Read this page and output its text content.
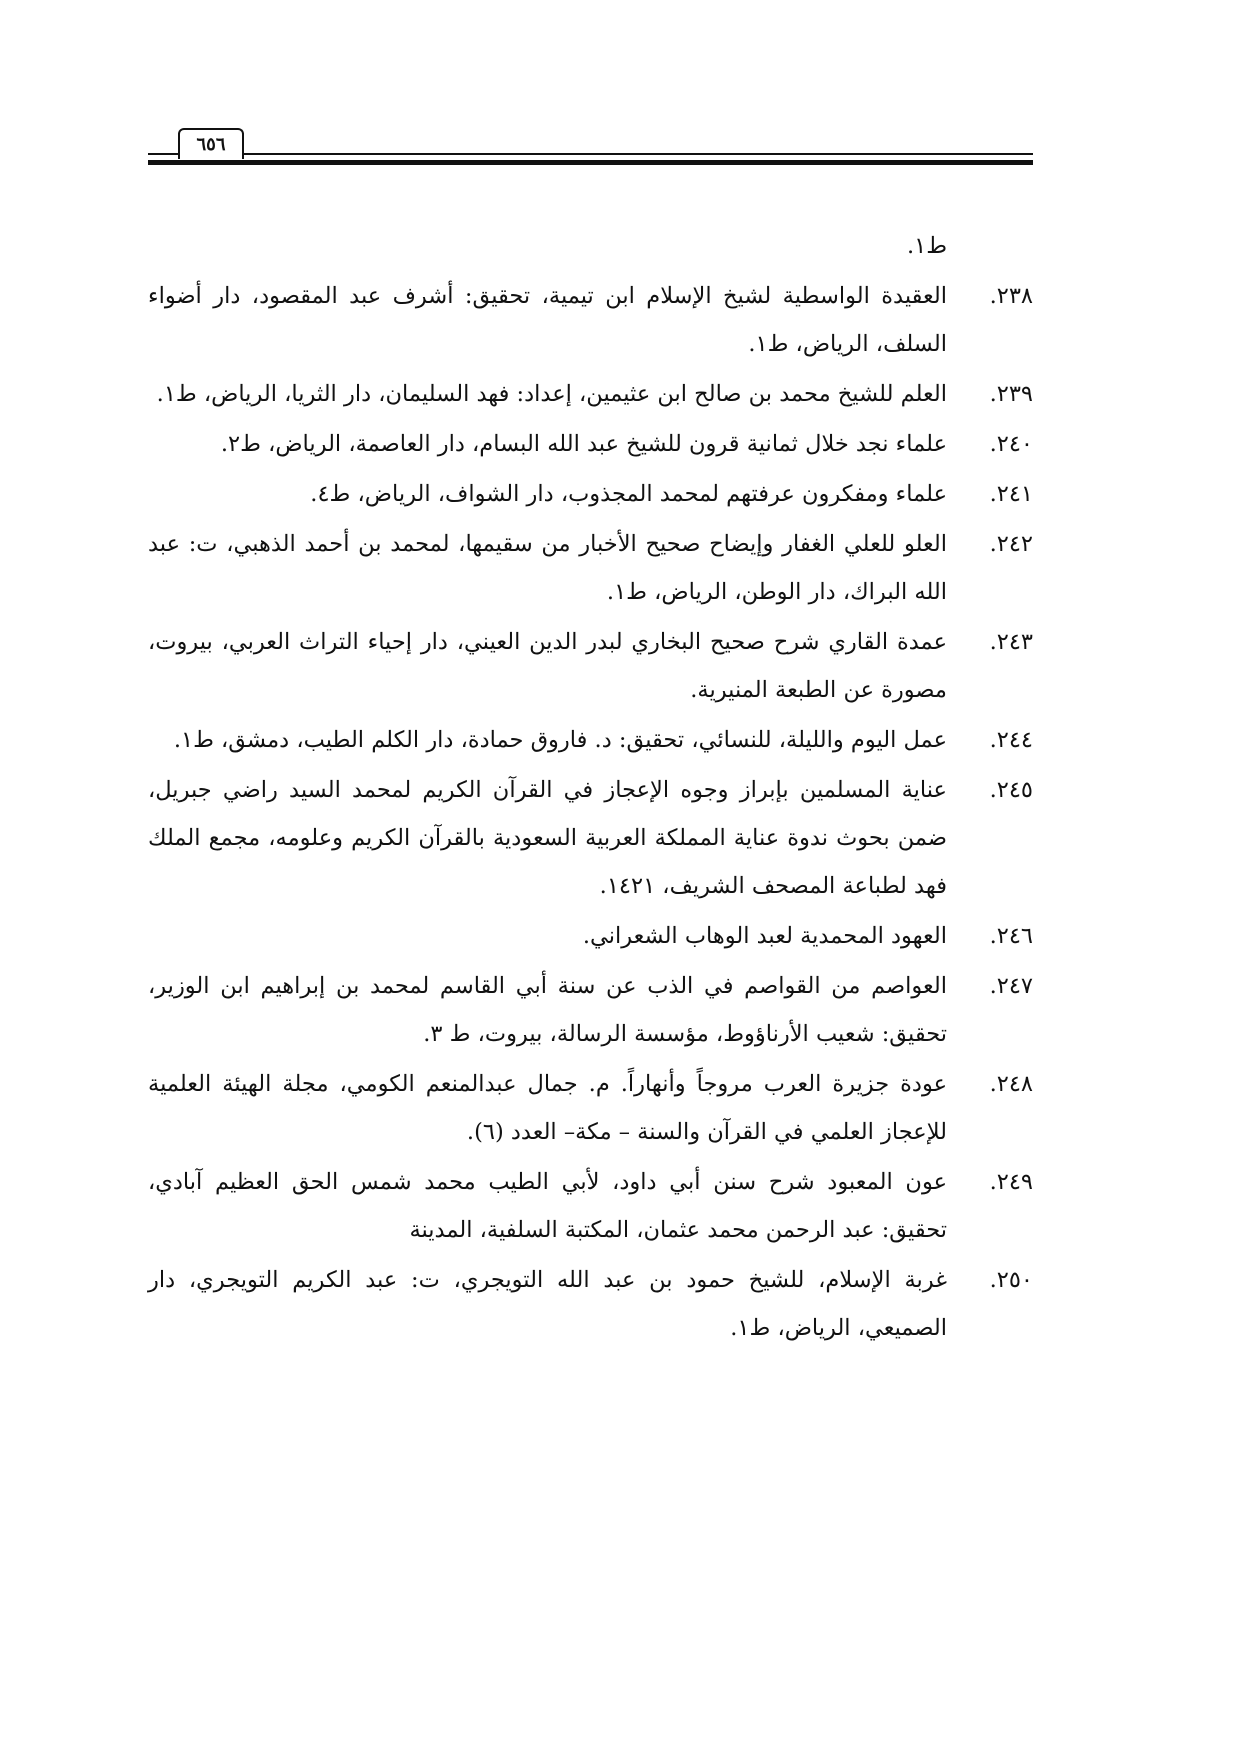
٦٥٦

ط١.

٢٣٨.
العقيدة الواسطية لشيخ الإسلام ابن تيمية، تحقيق: أشرف عبد المقصود، دار أضواء السلف، الرياض، ط١.
٢٣٩.
العلم للشيخ محمد بن صالح ابن عثيمين، إعداد: فهد السليمان، دار الثريا، الرياض، ط١.
٢٤٠.
علماء نجد خلال ثمانية قرون للشيخ عبد الله البسام، دار العاصمة، الرياض، ط٢.
٢٤١.
علماء ومفكرون عرفتهم لمحمد المجذوب، دار الشواف، الرياض، ط٤.
٢٤٢.
العلو للعلي الغفار وإيضاح صحيح الأخبار من سقيمها، لمحمد بن أحمد الذهبي، ت: عبد الله البراك، دار الوطن، الرياض، ط١.
٢٤٣.
عمدة القاري شرح صحيح البخاري لبدر الدين العيني، دار إحياء التراث العربي، بيروت، مصورة عن الطبعة المنيرية.
٢٤٤.
عمل اليوم والليلة، للنسائي، تحقيق: د. فاروق حمادة، دار الكلم الطيب، دمشق، ط١.
٢٤٥.
عناية المسلمين بإبراز وجوه الإعجاز في القرآن الكريم لمحمد السيد راضي جبريل، ضمن بحوث ندوة عناية المملكة العربية السعودية بالقرآن الكريم وعلومه، مجمع الملك فهد لطباعة المصحف الشريف، ١٤٢١.
٢٤٦.
العهود المحمدية لعبد الوهاب الشعراني.
٢٤٧.
العواصم من القواصم في الذب عن سنة أبي القاسم لمحمد بن إبراهيم ابن الوزير، تحقيق: شعيب الأرناؤوط، مؤسسة الرسالة، بيروت، ط ٣.
٢٤٨.
عودة جزيرة العرب مروجاً وأنهاراً. م. جمال عبدالمنعم الكومي، مجلة الهيئة العلمية للإعجاز العلمي في القرآن والسنة – مكة– العدد (٦).
٢٤٩.
عون المعبود شرح سنن أبي داود، لأبي الطيب محمد شمس الحق العظيم آبادي، تحقيق: عبد الرحمن محمد عثمان، المكتبة السلفية، المدينة
٢٥٠.
غربة الإسلام، للشيخ حمود بن عبد الله التويجري، ت: عبد الكريم التويجري، دار الصميعي، الرياض، ط١.
